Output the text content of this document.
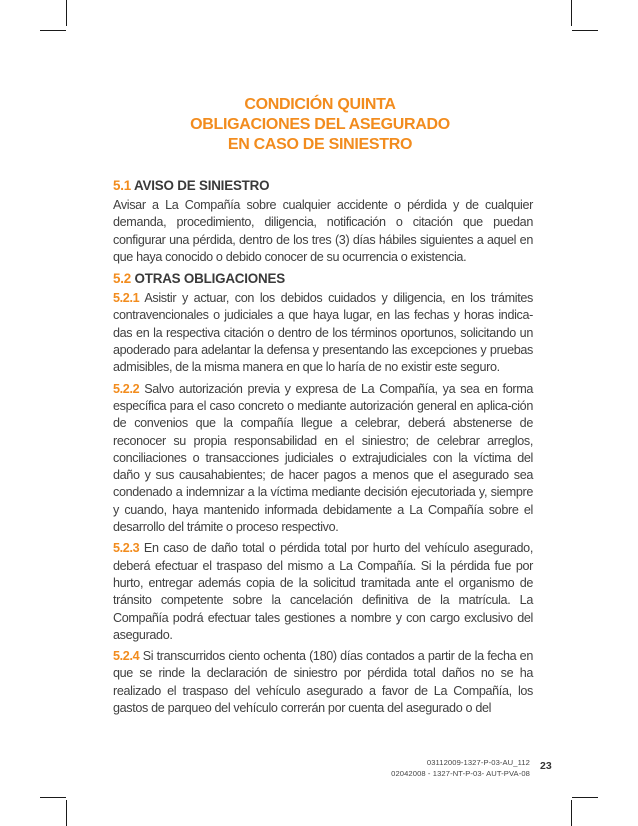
CONDICIÓN QUINTA
OBLIGACIONES DEL ASEGURADO
EN CASO DE SINIESTRO
5.1 AVISO DE SINIESTRO

Avisar a La Compañía sobre cualquier accidente o pérdida y de cualquier demanda, procedimiento, diligencia, notificación o citación que puedan configurar una pérdida, dentro de los tres (3) días hábiles siguientes a aquel en que haya conocido o debido conocer de su ocurrencia o existencia.

5.2 OTRAS OBLIGACIONES

5.2.1 Asistir y actuar, con los debidos cuidados y diligencia, en los trámites contravencionales o judiciales a que haya lugar, en las fechas y horas indica-das en la respectiva citación o dentro de los términos oportunos, solicitando un apoderado para adelantar la defensa y presentando las excepciones y pruebas admisibles, de la misma manera en que lo haría de no existir este seguro.

5.2.2 Salvo autorización previa y expresa de La Compañía, ya sea en forma específica para el caso concreto o mediante autorización general en aplica-ción de convenios que la compañía llegue a celebrar, deberá abstenerse de reconocer su propia responsabilidad en el siniestro; de celebrar arreglos, conciliaciones o transacciones judiciales o extrajudiciales con la víctima del daño y sus causahabientes; de hacer pagos a menos que el asegurado sea condenado a indemnizar a la víctima mediante decisión ejecutoriada y, siempre y cuando, haya mantenido informada debidamente a La Compañía sobre el desarrollo del trámite o proceso respectivo.

5.2.3 En caso de daño total o pérdida total por hurto del vehículo asegurado, deberá efectuar el traspaso del mismo a La Compañía. Si la pérdida fue por hurto, entregar además copia de la solicitud tramitada ante el organismo de tránsito competente sobre la cancelación definitiva de la matrícula. La Compañía podrá efectuar tales gestiones a nombre y con cargo exclusivo del asegurado.

5.2.4 Si transcurridos ciento ochenta (180) días contados a partir de la fecha en que se rinde la declaración de siniestro por pérdida total daños no se ha realizado el traspaso del vehículo asegurado a favor de La Compañía, los gastos de parqueo del vehículo correrán por cuenta del asegurado o del

03112009-1327-P-03-AU_112
02042008 - 1327-NT-P-03- AUT-PVA-08
23
